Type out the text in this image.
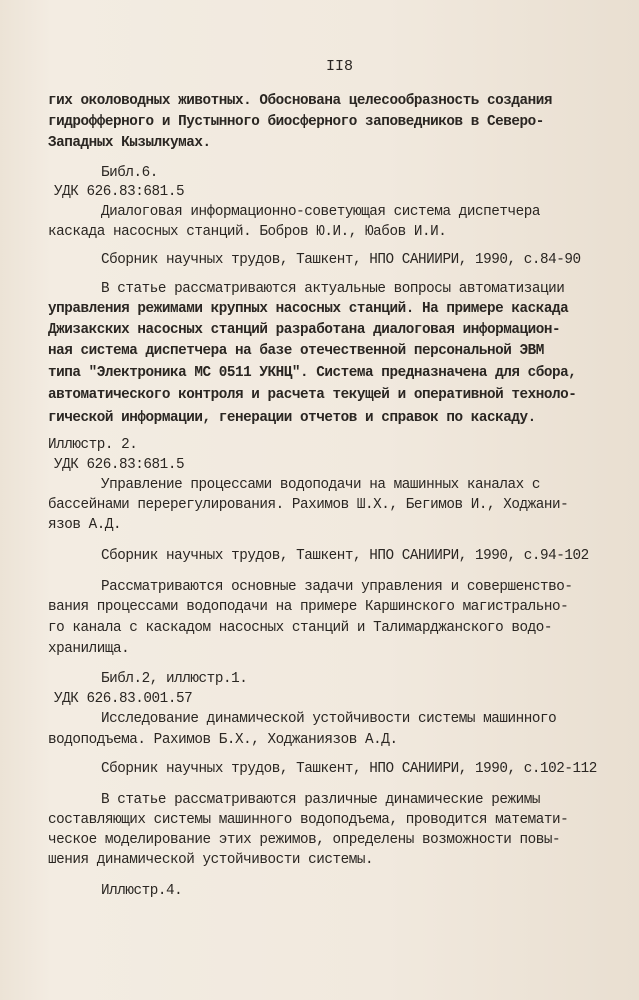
II8
гих околоводных животных. Обоснована целесообразность создания
гидрофферного и Пустынного биосферного заповедников в Северо-
Западных Кызылкумах.
Библ.6.
УДК 626.83:681.5
Диалоговая информационно-советующая система диспетчера
каскада насосных станций. Бобров Ю.И., Юабов И.И.
Сборник научных трудов, Ташкент, НПО САНИИРИ, 1990, с.84-90
В статье рассматриваются актуальные вопросы автоматизации
управления режимами крупных насосных станций. На примере каскада
Джизакских насосных станций разработана диалоговая информацион-
ная система диспетчера на базе отечественной персональной ЭВМ
типа "Электроника МС 0511 УКНЦ". Система предназначена для сбора,
автоматического контроля и расчета текущей и оперативной техноло-
гической информации, генерации отчетов и справок по каскаду.
Иллюстр. 2.
УДК 626.83:681.5
Управление процессами водоподачи на машинных каналах с
бассейнами перерегулирования. Рахимов Ш.Х., Бегимов И., Ходжани-
язов А.Д.
Сборник научных трудов, Ташкент, НПО САНИИРИ, 1990, с.94-102
Рассматриваются основные задачи управления и совершенство-
вания процессами водоподачи на примере Каршинского магистрально-
го канала с каскадом насосных станций и Талимарджанского водо-
хранилища.
Библ.2, иллюстр.1.
УДК 626.83.001.57
Исследование динамической устойчивости системы машинного
водоподъема. Рахимов Б.Х., Ходжаниязов А.Д.
Сборник научных трудов, Ташкент, НПО САНИИРИ, 1990, с.102-112
В статье рассматриваются различные динамические режимы
составляющих системы машинного водоподъема, проводится математи-
ческое моделирование этих режимов, определены возможности повы-
шения динамической устойчивости системы.
Иллюстр.4.
